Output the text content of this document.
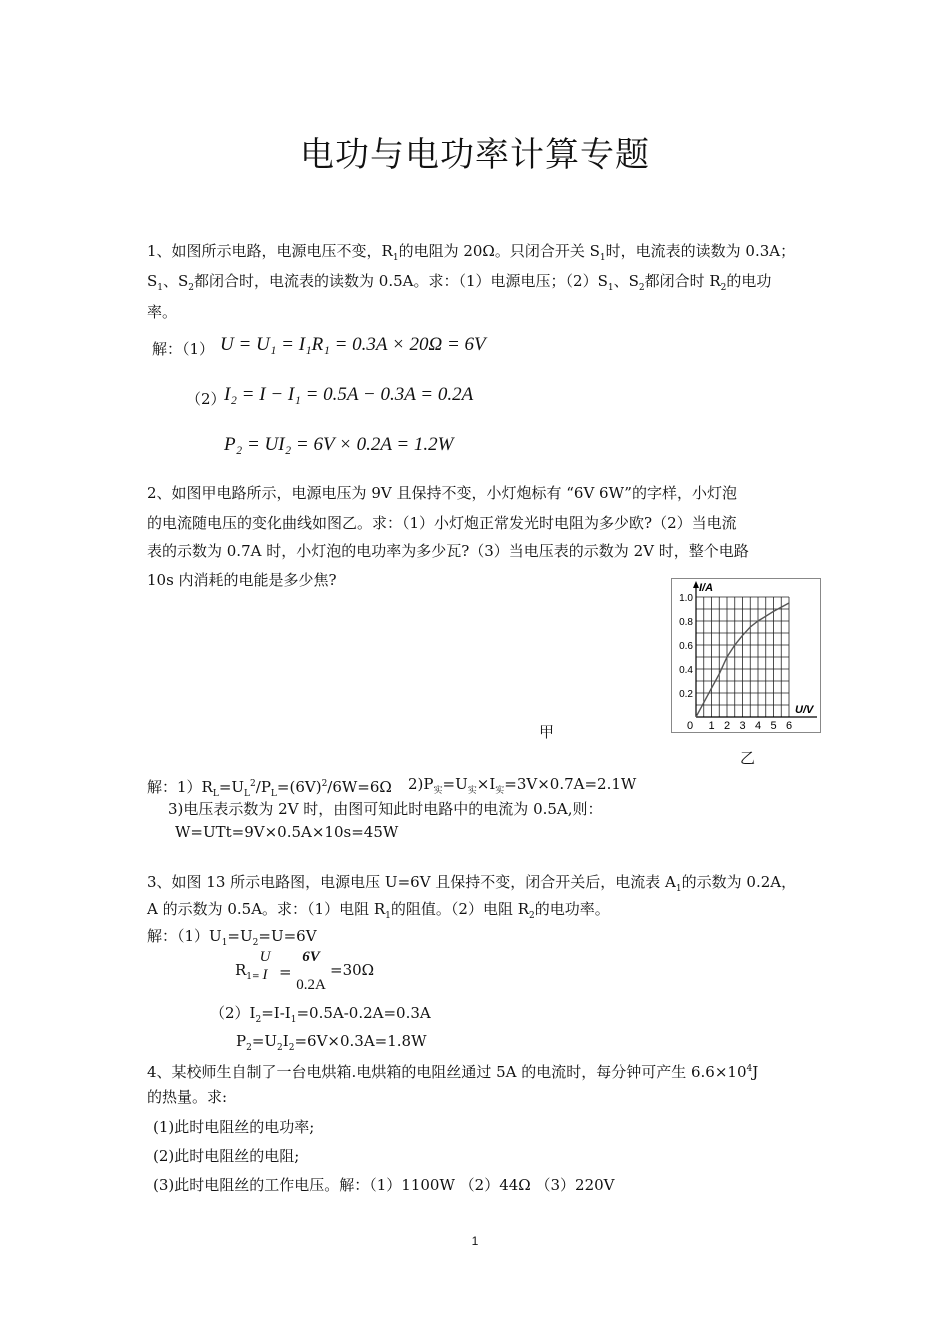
电功与电功率计算专题
1、如图所示电路，电源电压不变，$R_1$的电阻为 20Ω。只闭合开关 $S_1$时，电流表的读数为 0.3A；
$S_1$、$S_2$都闭合时，电流表的读数为 0.5A。求：（1）电源电压；$(2)S_1$、$S_2$都闭合时 $R_2$的电功
率。
解：（1） U = U₁ = I₁R₁ = 0.3A × 20Ω = 6V
（2）
I₂ = I − I₁ = 0.5A − 0.3A = 0.2A
P₂ = UI₂ = 6V × 0.2A = 1.2W
2、如图甲电路所示，电源电压为 9V 且保持不变，小灯炮标有 “6V 6W”的字样，小灯泡
的电流随电压的变化曲线如图乙。求：（1）小灯炮正常发光时电阻为多少欧?（2）当电流
表的示数为 0.7A 时，小灯泡的电功率为多少瓦?（3）当电压表的示数为 2V 时，整个电路
10s 内消耗的电能是多少焦?
甲	0 1 2 3 4 5 6
0.2
0.4
0.6
0.8
1.0
I/A
U/V
乙
解：$1)R_L=U_L^2/P_L=(6V)^2/6W=6\Omega$ $2)P_实=U_实\times I_实=3V\times 0.7A=2.1W$
3)电压表示数为 2V 时，由图可知此时电路中的电流为 0.5A,则：
W=UTt=9V×0.5A×10s=45W
3、如图 13 所示电路图，电源电压 U=6V 且保持不变，闭合开关后，电流表 $A_1$的示数为 0.2A，
A 的示数为 0.5A。求：（1）电阻 $R_1$的阻值。（2）电阻 $R_2$的电功率。
解：$(1)U_1=U_2=U=6V$
$R_{1=}$
U
I =
6V
0.2A
=30Ω
$(2)I_2=I-I_1=0.5A-0.2A=0.3A$
$P_2=U_2I_2=6V\times 0.3A=1.8W$
4、某校师生自制了一台电烘箱.电烘箱的电阻丝通过 5A 的电流时，每分钟可产生 $6.6\times 10^4J$
的热量。求:
(1)此时电阻丝的电功率;
(2)此时电阻丝的电阻;
(3)此时电阻丝的工作电压。解：（1）1100W （2）44Ω （3）220V
1
